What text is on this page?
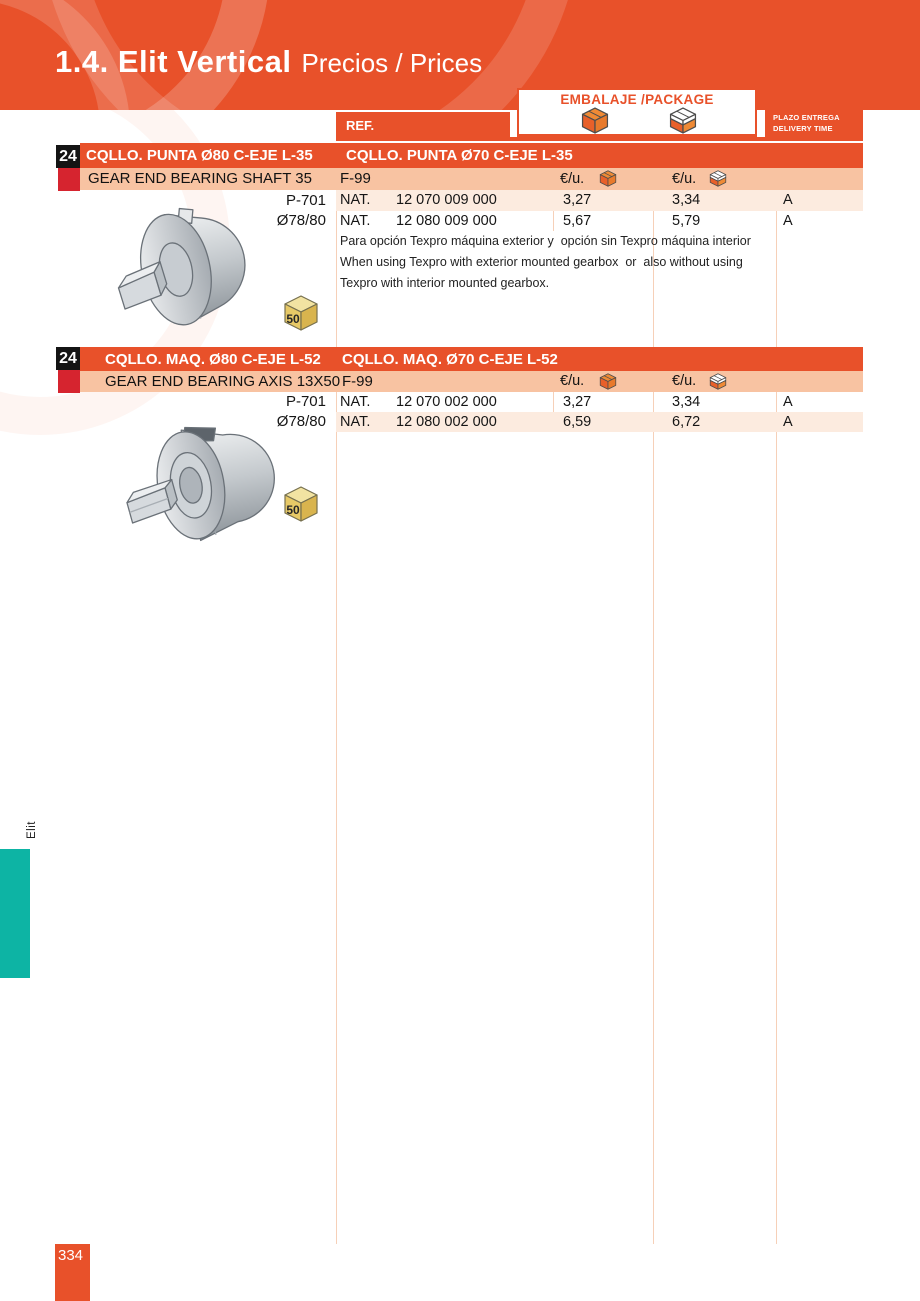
1.4. Elit Vertical Precios / Prices
REF.
EMBALAJE /PACKAGE
PLAZO ENTREGA
DELIVERY TIME
24 CQLLO. PUNTA Ø80 C-EJE L-35 CQLLO. PUNTA Ø70 C-EJE L-35
GEAR END BEARING SHAFT 35 F-99	€/u.	€/u.
P-701 NAT. 12 070 009 000	3,27	3,34	A
Ø78/80 NAT. 12 080 009 000	5,67	5,79	A
Para opción Texpro máquina exterior y  opción sin Texpro máquina interior
When using Texpro with exterior mounted gearbox  or  also without using
Texpro with interior mounted gearbox.
50
24 CQLLO. MAQ. Ø80 C-EJE L-52 CQLLO. MAQ. Ø70 C-EJE L-52
GEAR END BEARING AXIS 13X50 F-99	€/u.	€/u.
P-701 NAT. 12 070 002 000	3,27	3,34	A
Ø78/80 NAT. 12 080 002 000	6,59	6,72	A
50
Elit
334
